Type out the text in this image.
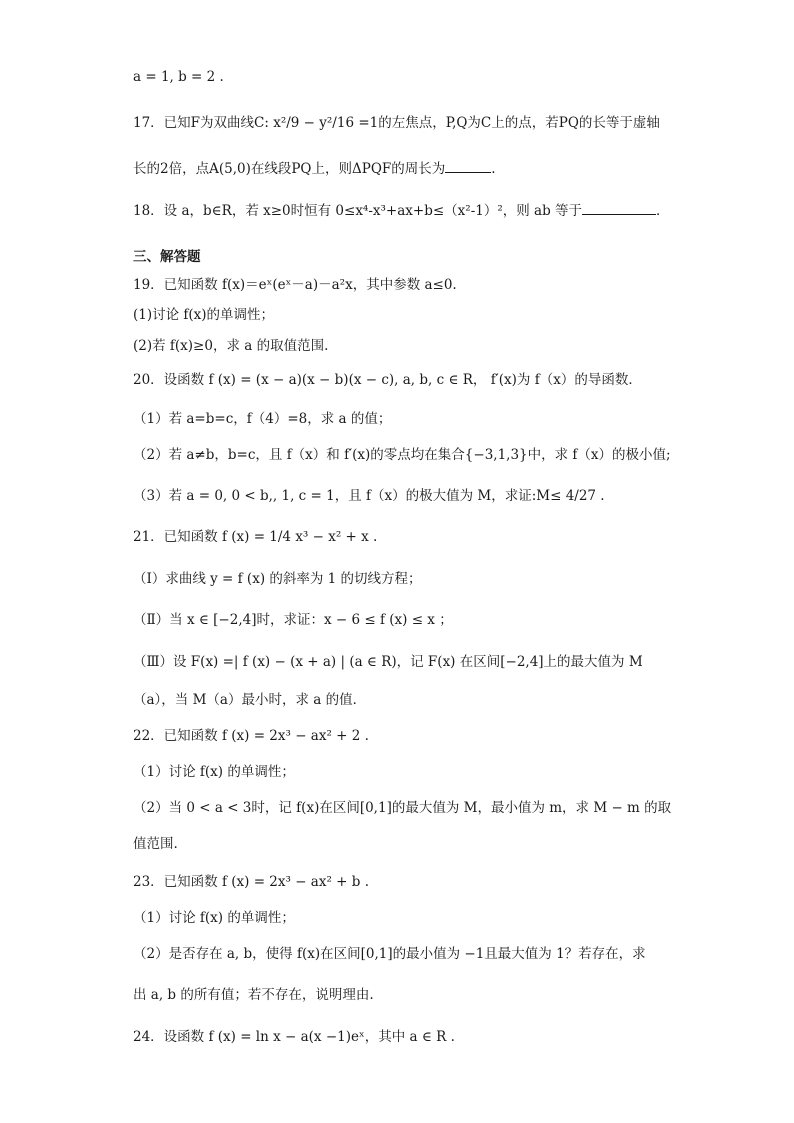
a = 1, b = 2 .
17．已知F为双曲线C: x²/9 − y²/16 =1的左焦点，P,Q为C上的点，若PQ的长等于虚轴
长的2倍，点A(5,0)在线段PQ上，则ΔPQF的周长为	.
18．设 a，b∈R，若 x≥0时恒有 0≤x⁴-x³+ax+b≤（x²-1）²，则 ab 等于	．
三、解答题
19．已知函数 f(x)＝eˣ(eˣ－a)－a²x，其中参数 a≤0.
(1)讨论 f(x)的单调性；
(2)若 f(x)≥0，求 a 的取值范围.
20．设函数 f (x) = (x − a)(x − b)(x − c), a, b, c ∈ R， f′(x)为 f（x）的导函数．
（1）若 a=b=c，f（4）=8，求 a 的值；
（2）若 a≠b，b=c，且 f（x）和 f′(x)的零点均在集合{−3,1,3}中，求 f（x）的极小值;
（3）若 a = 0, 0 < b,, 1, c = 1，且 f（x）的极大值为 M，求证:M≤ 4/27 .
21．已知函数 f (x) = 1/4 x³ − x² + x .
（Ⅰ）求曲线 y = f (x) 的斜率为 1 的切线方程；
（Ⅱ）当 x ∈ [−2,4]时，求证：x − 6 ≤ f (x) ≤ x ；
（Ⅲ）设 F(x) =| f (x) − (x + a) | (a ∈ R)，记 F(x) 在区间[−2,4]上的最大值为 M
（a），当 M（a）最小时，求 a 的值．
22．已知函数 f (x) = 2x³ − ax² + 2 .
（1）讨论 f(x) 的单调性；
（2）当 0 < a < 3时，记 f(x)在区间[0,1]的最大值为 M，最小值为 m，求 M − m 的取
值范围.
23．已知函数 f (x) = 2x³ − ax² + b .
（1）讨论 f(x) 的单调性；
（2）是否存在 a, b，使得 f(x)在区间[0,1]的最小值为 −1且最大值为 1？若存在，求
出 a, b 的所有值；若不存在，说明理由.
24．设函数 f (x) = ln x − a(x −1)eˣ，其中 a ∈ R .
